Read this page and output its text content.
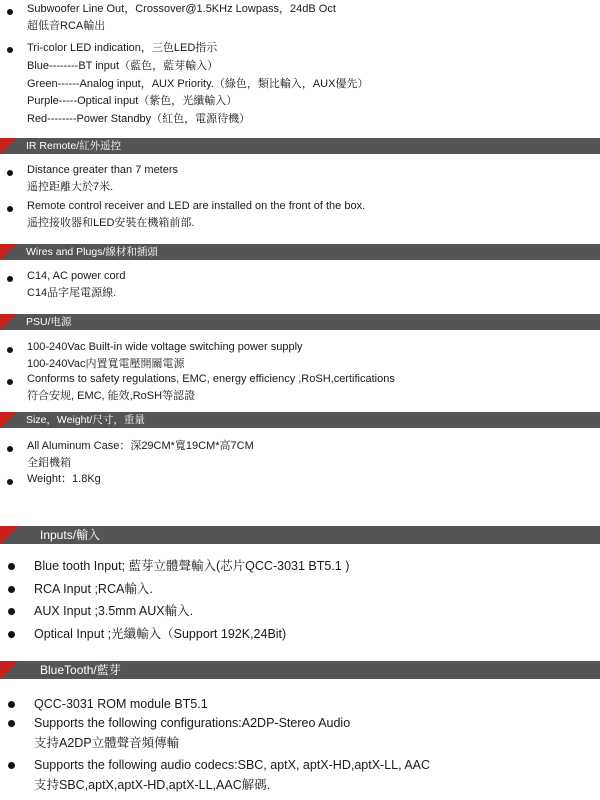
Subwoofer Line Out，Crossover@1.5KHz Lowpass，24dB Oct
超低音RCA輸出
Tri-color LED indication，三色LED指示
Blue--------BT input（藍色，藍芽輸入）
Green------Analog input，AUX Priority.（綠色，類比輸入，AUX優先）
Purple-----Optical input（紫色，光纖輸入）
Red--------Power Standby（紅色，電源待機）
IR Remote/紅外遥控
Distance greater than 7 meters
遥控距離大於7米.
Remote control receiver and LED are installed on the front of the box.
遥控接收器和LED安裝在機箱前部.
Wires and Plugs/線材和插頭
C14, AC power cord
C14品字尾電源線.
PSU/电源
100-240Vac Built-in wide voltage switching power supply
100-240Vac内置寬電壓開關電源
Conforms to safety regulations, EMC, energy efficiency ,RoSH,certifications
符合安规, EMC, 能效,RoSH等認證
Size，Weight/尺寸，重量
All Aluminum Case：深29CM*寬19CM*高7CM
全鋁機箱
Weight：1.8Kg
Inputs/輸入
Blue tooth Input; 藍芽立體聲輸入(芯片QCC-3031 BT5.1 )
RCA Input ;RCA輸入.
AUX Input ;3.5mm AUX輸入.
Optical Input ;光纖輸入（Support 192K,24Bit)
BlueTooth/藍芽
QCC-3031 ROM module BT5.1
Supports the following configurations:A2DP-Stereo Audio
支持A2DP立體聲音頻傳輸
Supports the following audio codecs:SBC, aptX, aptX-HD,aptX-LL, AAC
支持SBC,aptX,aptX-HD,aptX-LL,AAC解碼.
